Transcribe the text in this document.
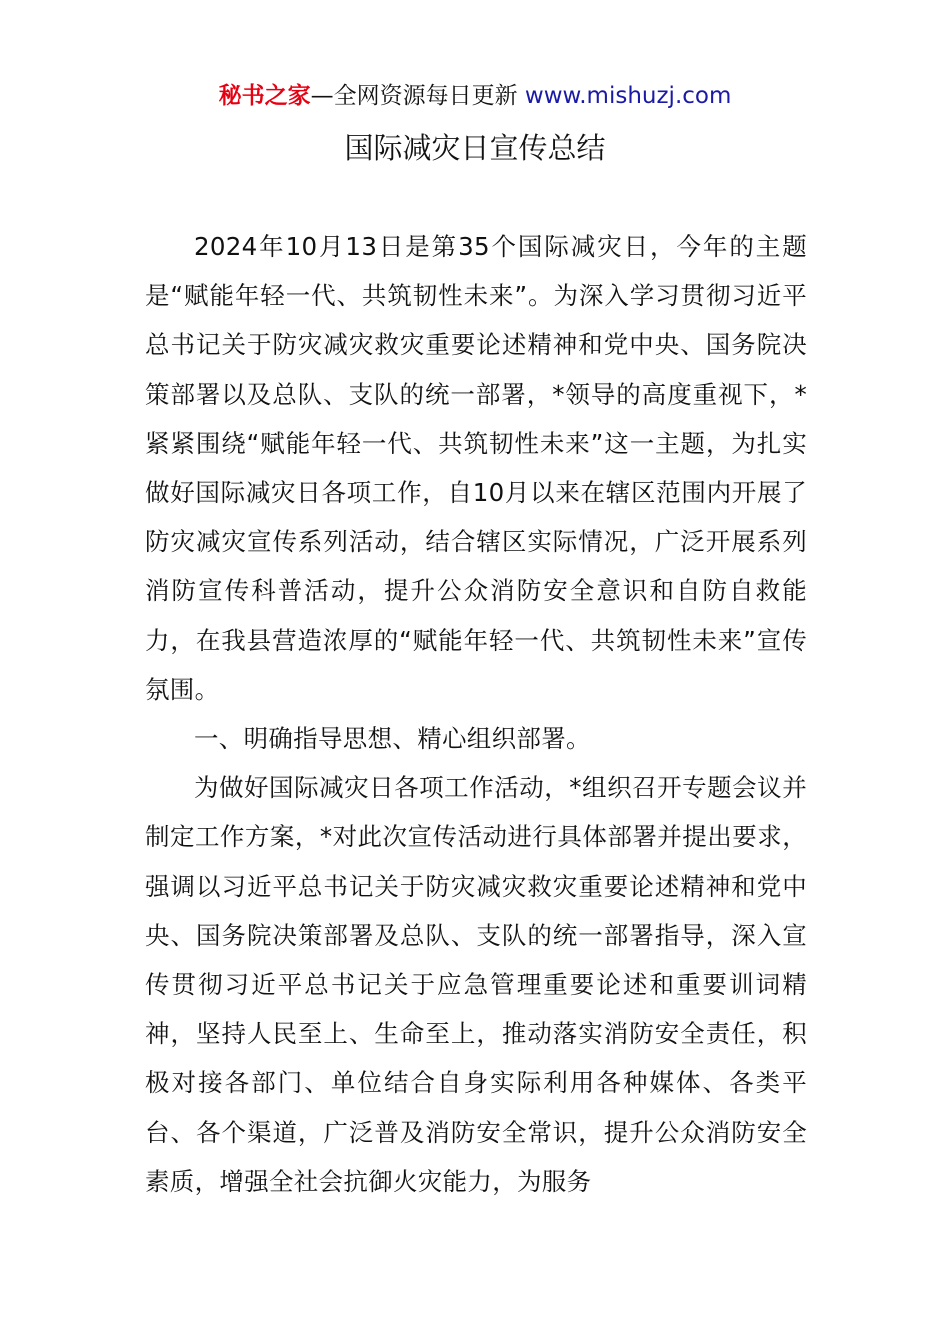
秘书之家—全网资源每日更新 www.mishuzj.com
国际减灾日宣传总结

2024年10月13日是第35个国际减灾日，今年的主题是“赋能年轻一代、共筑韧性未来”。为深入学习贯彻习近平总书记关于防灾减灾救灾重要论述精神和党中央、国务院决策部署以及总队、支队的统一部署，*领导的高度重视下，*紧紧围绕“赋能年轻一代、共筑韧性未来”这一主题，为扎实做好国际减灾日各项工作，自10月以来在辖区范围内开展了防灾减灾宣传系列活动，结合辖区实际情况，广泛开展系列消防宣传科普活动，提升公众消防安全意识和自防自救能力，在我县营造浓厚的“赋能年轻一代、共筑韧性未来”宣传氛围。

一、明确指导思想、精心组织部署。

为做好国际减灾日各项工作活动，*组织召开专题会议并制定工作方案，*对此次宣传活动进行具体部署并提出要求，强调以习近平总书记关于防灾减灾救灾重要论述精神和党中央、国务院决策部署及总队、支队的统一部署指导，深入宣传贯彻习近平总书记关于应急管理重要论述和重要训词精神，坚持人民至上、生命至上，推动落实消防安全责任，积极对接各部门、单位结合自身实际利用各种媒体、各类平台、各个渠道，广泛普及消防安全常识，提升公众消防安全素质，增强全社会抗御火灾能力，为服务
